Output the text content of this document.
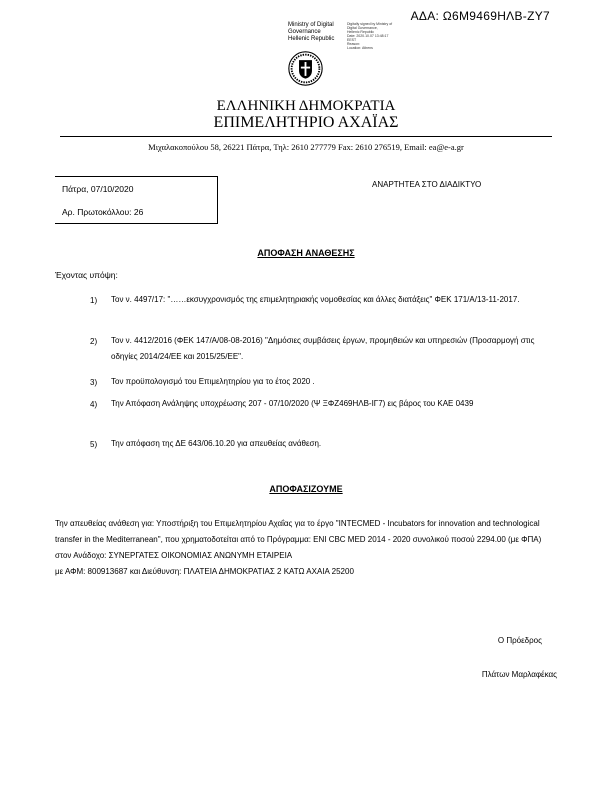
ΑΔΑ: Ω6Μ9469ΗΛΒ-ΖΥ7
Ministry of Digital
Governance
Hellenic Republic
Digitally signed by Ministry of
Digital Governance,
Hellenic Republic
Date: 2020.10.07 13:48:17
EEST
Reason:
Location: Athens
ΕΛΛΗΝΙΚΗ ΔΗΜΟΚΡΑΤΙΑ
ΕΠΙΜΕΛΗΤΗΡΙΟ ΑΧΑΪΑΣ
Μιχαλακοπούλου 58, 26221 Πάτρα, Τηλ: 2610 277779 Fax: 2610 276519, Email: ea@e-a.gr
Πάτρα, 07/10/2020
Αρ. Πρωτοκόλλου: 26
ΑΝΑΡΤΗΤΕΑ ΣΤΟ ΔΙΑΔΙΚΤΥΟ
ΑΠΟΦΑΣΗ ΑΝΑΘΕΣΗΣ
Έχοντας υπόψη:
1) Τον ν. 4497/17: "……εκσυγχρονισμός της επιμελητηριακής νομοθεσίας και άλλες διατάξεις" ΦΕΚ 171/Α/13-11-2017.
2) Τον ν. 4412/2016 (ΦΕΚ 147/Α/08-08-2016) "Δημόσιες συμβάσεις έργων, προμηθειών και υπηρεσιών (Προσαρμογή στις οδηγίες 2014/24/ΕΕ και 2015/25/ΕΕ".
3) Τον προϋπολογισμό του Επιμελητηρίου για το έτος 2020 .
4) Την Απόφαση Ανάληψης υποχρέωσης 207 - 07/10/2020 (Ψ ΞΦΖ469ΗΛΒ-ΙΓ7) εις βάρος του ΚΑΕ 0439
5) Την απόφαση της ΔΕ 643/06.10.20 για απευθείας ανάθεση.
ΑΠΟΦΑΣΙΖΟΥΜΕ
Την απευθείας ανάθεση για: Υποστήριξη του Επιμελητηρίου Αχαΐας για το έργο "INTECMED - Incubators for innovation and technological transfer in the Mediterranean", που χρηματοδοτείται από το Πρόγραμμα: ENI CBC MED 2014 - 2020 συνολικού ποσού 2294.00 (με ΦΠΑ)
στον Ανάδοχο: ΣΥΝΕΡΓΑΤΕΣ ΟΙΚΟΝΟΜΙΑΣ ΑΝΩΝΥΜΗ ΕΤΑΙΡΕΙΑ
με ΑΦΜ: 800913687 και Διεύθυνση: ΠΛΑΤΕΙΑ ΔΗΜΟΚΡΑΤΙΑΣ 2 ΚΑΤΩ ΑΧΑΙΑ 25200
Ο Πρόεδρος
Πλάτων Μαρλαφέκας
